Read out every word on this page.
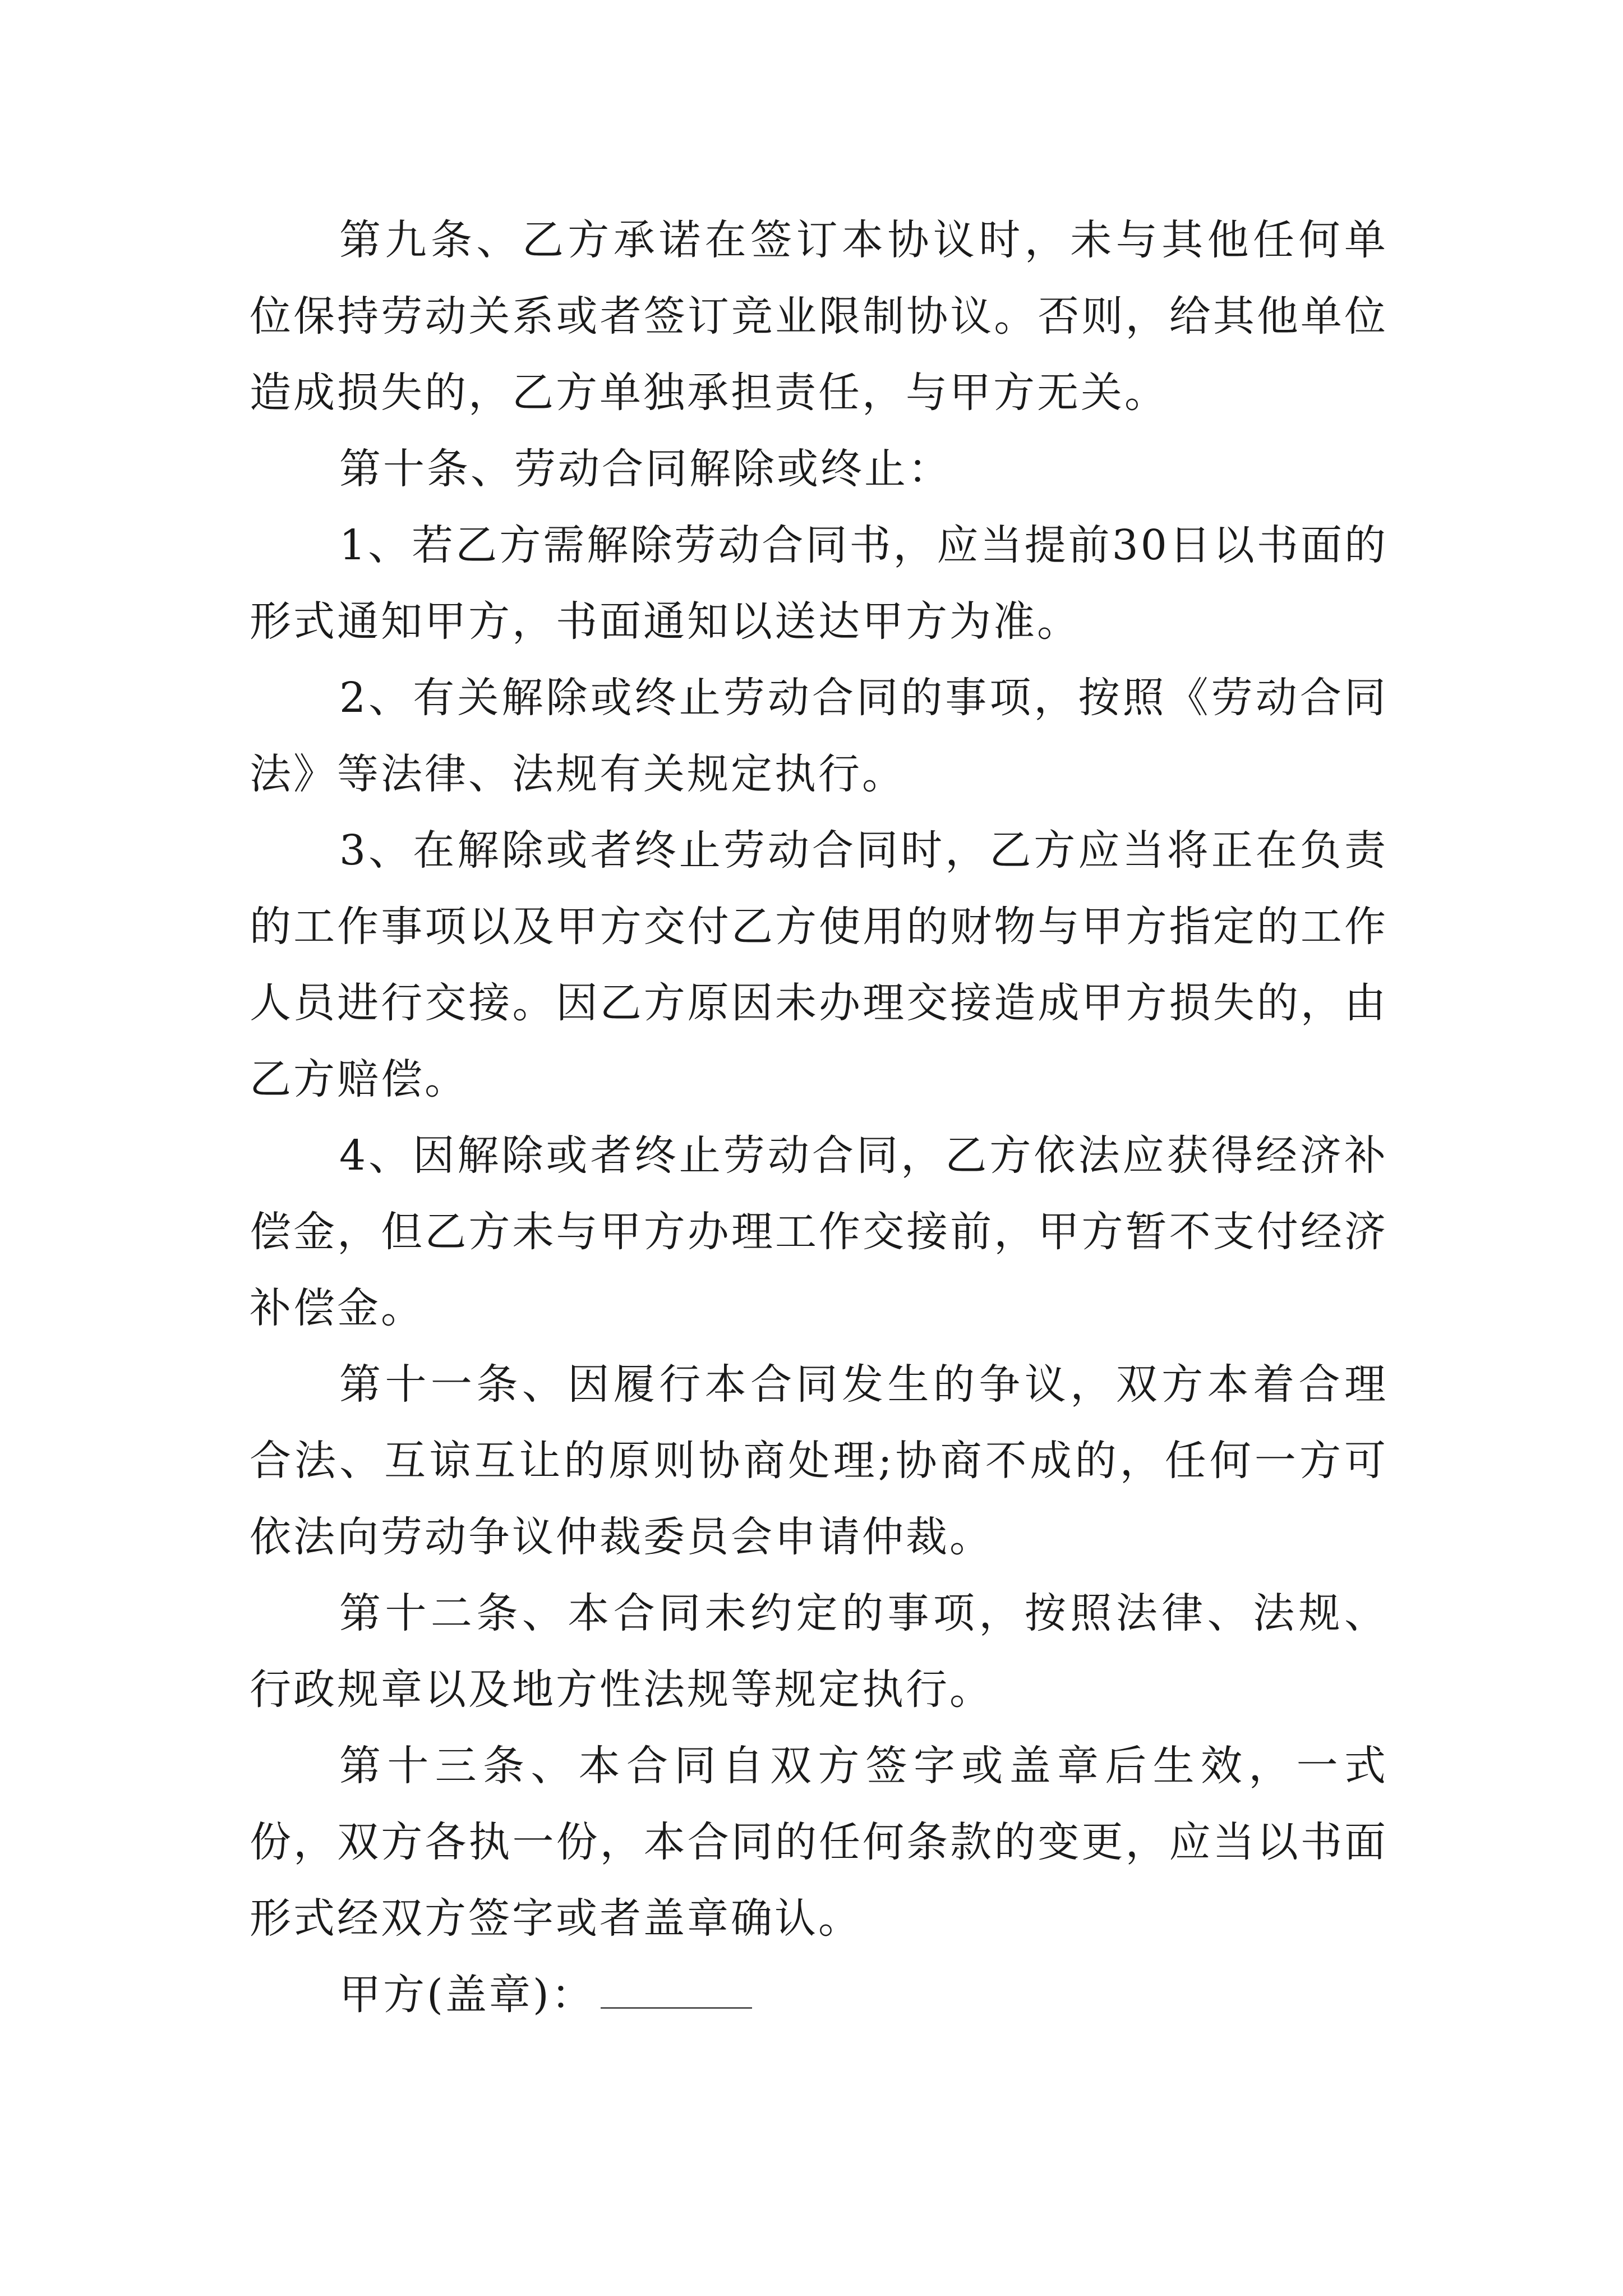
第九条、乙方承诺在签订本协议时，未与其他任何单位保持劳动关系或者签订竞业限制协议。否则，给其他单位造成损失的，乙方单独承担责任，与甲方无关。

第十条、劳动合同解除或终止：

1、若乙方需解除劳动合同书，应当提前30日以书面的形式通知甲方，书面通知以送达甲方为准。

2、有关解除或终止劳动合同的事项，按照《劳动合同法》等法律、法规有关规定执行。

3、在解除或者终止劳动合同时，乙方应当将正在负责的工作事项以及甲方交付乙方使用的财物与甲方指定的工作人员进行交接。因乙方原因未办理交接造成甲方损失的，由乙方赔偿。

4、因解除或者终止劳动合同，乙方依法应获得经济补偿金，但乙方未与甲方办理工作交接前，甲方暂不支付经济补偿金。

第十一条、因履行本合同发生的争议，双方本着合理合法、互谅互让的原则协商处理;协商不成的，任何一方可依法向劳动争议仲裁委员会申请仲裁。

第十二条、本合同未约定的事项，按照法律、法规、行政规章以及地方性法规等规定执行。

第十三条、本合同自双方签字或盖章后生效，一式份，双方各执一份，本合同的任何条款的变更，应当以书面形式经双方签字或者盖章确认。

甲方(盖章)：
